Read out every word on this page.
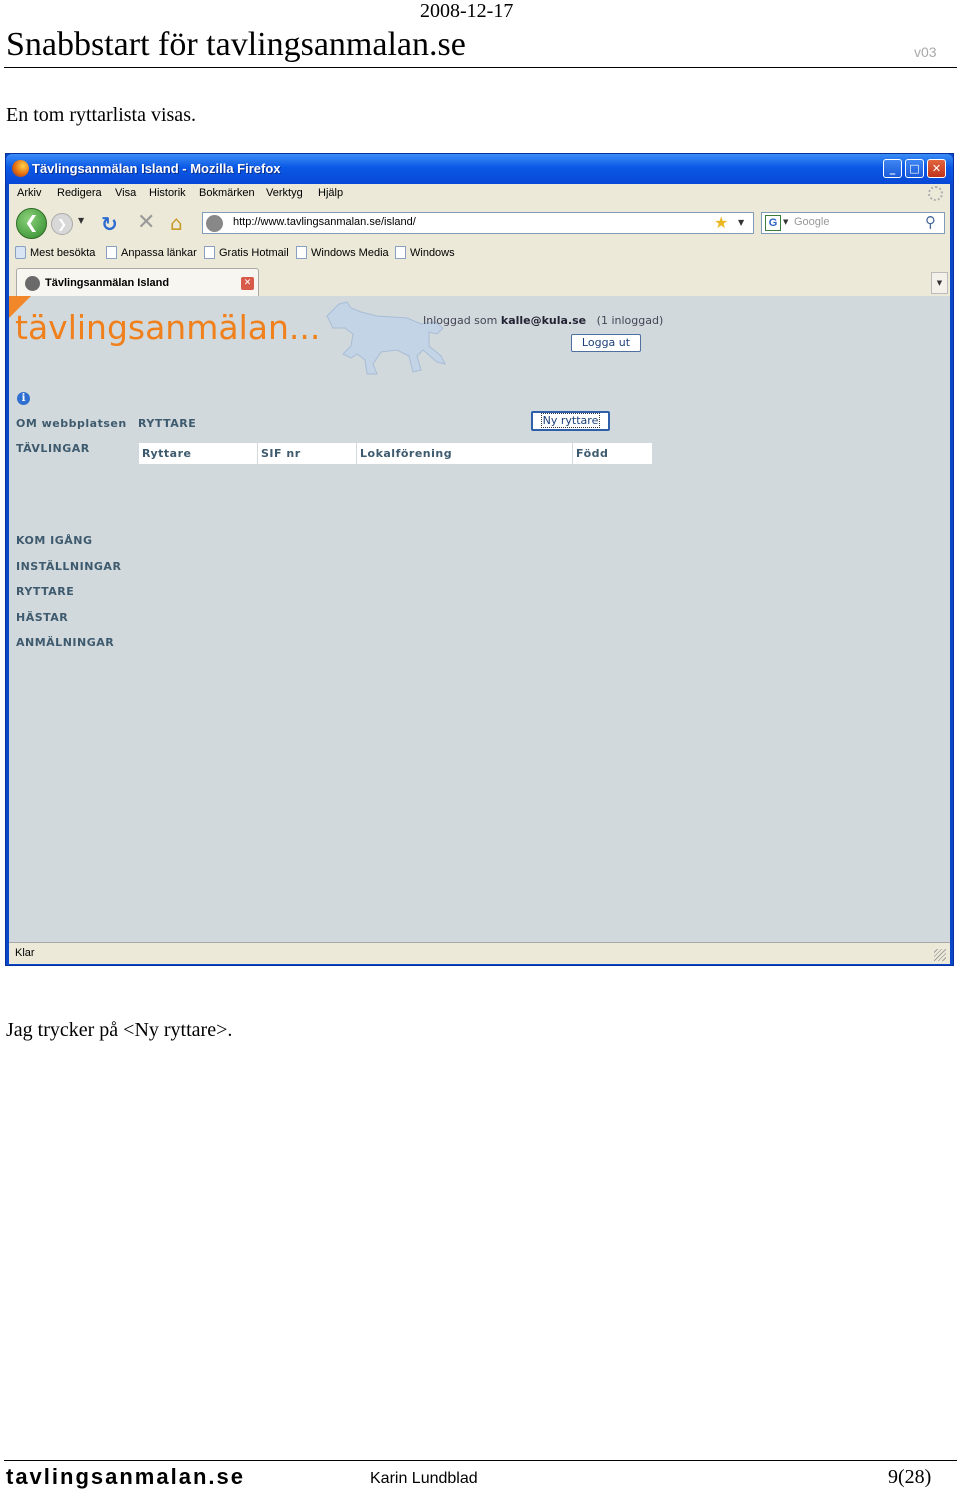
2008-12-17
Snabbstart för tavlingsanmalan.se	v03
En tom ryttarlista visas.
Tävlingsanmälan Island - Mozilla Firefox	_	□	✕
Arkiv Redigera Visa Historik Bokmärken Verktyg Hjälp
❮	❯	▼ ↻ ✕ ⌂	http://www.tavlingsanmalan.se/island/	★ ▼	G ▼ Google	⚲
Mest besökta Anpassa länkar Gratis Hotmail Windows Media Windows
Tävlingsanmälan Island	✕	▼
tävlingsanmälan...	Inloggad som kalle@kula.se (1 inloggad)
Logga ut
i
OM webbplatsen
TÄVLINGAR
RYTTARE	Ny ryttare
Ryttare	SIF nr	Lokalförening	Född
KOM IGÅNG
INSTÄLLNINGAR
RYTTARE
HÄSTAR
ANMÄLNINGAR
Klar
Jag trycker på <Ny ryttare>.
tavlingsanmalan.se	Karin Lundblad	9(28)
